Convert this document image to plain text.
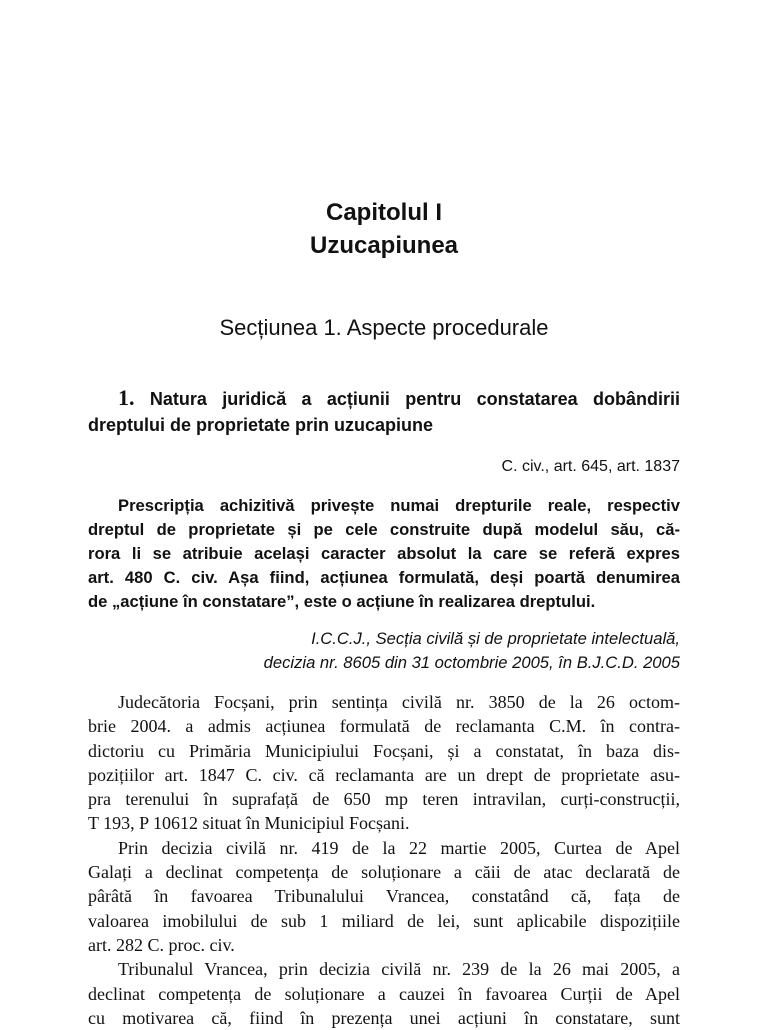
Capitolul I
Uzucapiunea
Secțiunea 1. Aspecte procedurale
1. Natura juridică a acțiunii pentru constatarea dobândirii dreptului de proprietate prin uzucapiune
C. civ., art. 645, art. 1837
Prescripția achizitivă privește numai drepturile reale, respectiv
dreptul de proprietate și pe cele construite după modelul său, că-
rora li se atribuie același caracter absolut la care se referă expres
art. 480 C. civ. Așa fiind, acțiunea formulată, deși poartă denumirea
de „acțiune în constatare”, este o acțiune în realizarea dreptului.
I.C.C.J., Secția civilă și de proprietate intelectuală,
decizia nr. 8605 din 31 octombrie 2005, în B.J.C.D. 2005
Judecătoria Focșani, prin sentința civilă nr. 3850 de la 26 octom-
brie 2004. a admis acțiunea formulată de reclamanta C.M. în contra-
dictoriu cu Primăria Municipiului Focșani, și a constatat, în baza dis-
pozițiilor art. 1847 C. civ. că reclamanta are un drept de proprietate asu-
pra terenului în suprafață de 650 mp teren intravilan, curți-construcții,
T 193, P 10612 situat în Municipiul Focșani.
Prin decizia civilă nr. 419 de la 22 martie 2005, Curtea de Apel
Galați a declinat competența de soluționare a căii de atac declarată de
pârâtă în favoarea Tribunalului Vrancea, constatând că, fața de
valoarea imobilului de sub 1 miliard de lei, sunt aplicabile dispozițiile
art. 282 C. proc. civ.
Tribunalul Vrancea, prin decizia civilă nr. 239 de la 26 mai 2005, a
declinat competența de soluționare a cauzei în favoarea Curții de Apel
cu motivarea că, fiind în prezența unei acțiuni în constatare, sunt
